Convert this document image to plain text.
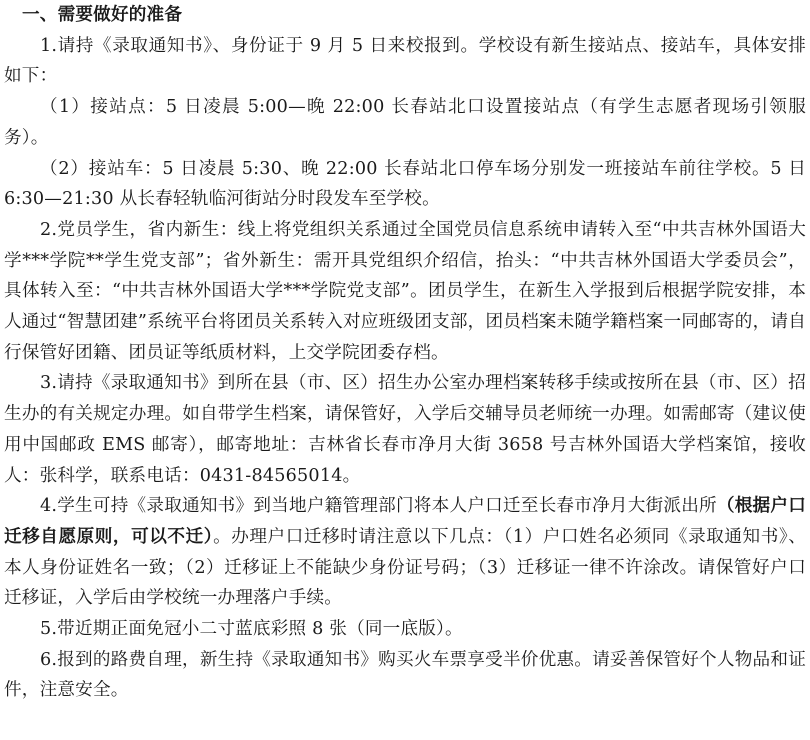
一、需要做好的准备

1.请持《录取通知书》、身份证于 9 月 5 日来校报到。学校设有新生接站点、接站车，具体安排如下：

（1）接站点：5 日凌晨 5:00—晚 22:00 长春站北口设置接站点（有学生志愿者现场引领服务）。

（2）接站车：5 日凌晨 5:30、晚 22:00 长春站北口停车场分别发一班接站车前往学校。5 日 6:30—21:30 从长春轻轨临河街站分时段发车至学校。

2.党员学生，省内新生：线上将党组织关系通过全国党员信息系统申请转入至“中共吉林外国语大学***学院**学生党支部”；省外新生：需开具党组织介绍信，抬头：“中共吉林外国语大学委员会”，具体转入至：“中共吉林外国语大学***学院党支部”。团员学生，在新生入学报到后根据学院安排，本人通过“智慧团建”系统平台将团员关系转入对应班级团支部，团员档案未随学籍档案一同邮寄的，请自行保管好团籍、团员证等纸质材料，上交学院团委存档。

3.请持《录取通知书》到所在县（市、区）招生办公室办理档案转移手续或按所在县（市、区）招生办的有关规定办理。如自带学生档案，请保管好，入学后交辅导员老师统一办理。如需邮寄（建议使用中国邮政 EMS 邮寄），邮寄地址：吉林省长春市净月大街 3658 号吉林外国语大学档案馆，接收人：张科学，联系电话：0431-84565014。

4.学生可持《录取通知书》到当地户籍管理部门将本人户口迁至长春市净月大街派出所（根据户口迁移自愿原则，可以不迁）。办理户口迁移时请注意以下几点：（1）户口姓名必须同《录取通知书》、本人身份证姓名一致；（2）迁移证上不能缺少身份证号码；（3）迁移证一律不许涂改。请保管好户口迁移证，入学后由学校统一办理落户手续。

5.带近期正面免冠小二寸蓝底彩照 8 张（同一底版）。

6.报到的路费自理，新生持《录取通知书》购买火车票享受半价优惠。请妥善保管好个人物品和证件，注意安全。
